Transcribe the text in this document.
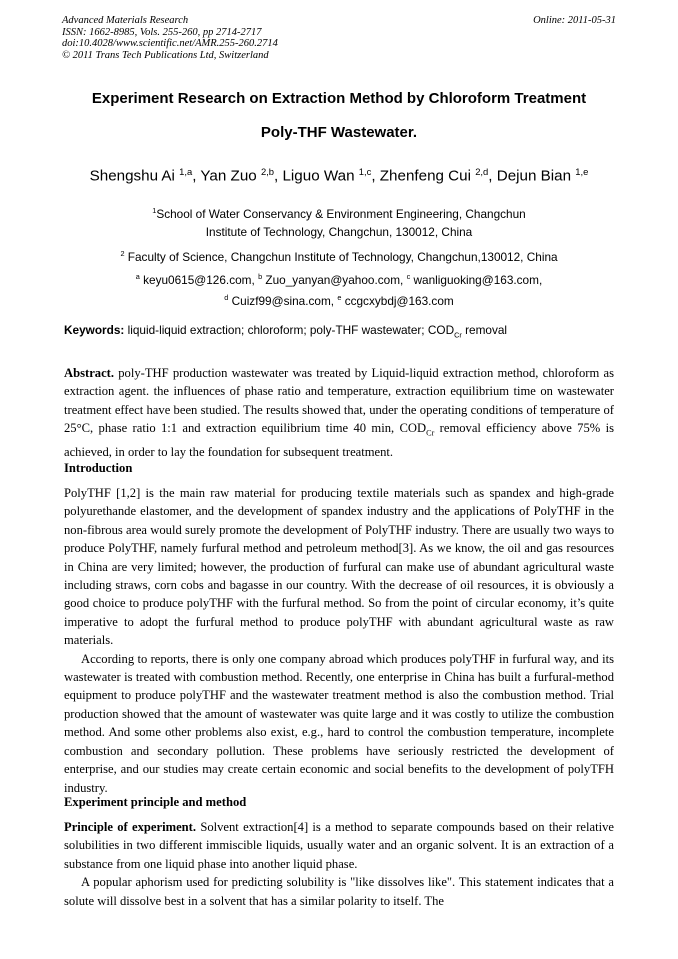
Advanced Materials Research
ISSN: 1662-8985, Vols. 255-260, pp 2714-2717
doi:10.4028/www.scientific.net/AMR.255-260.2714
© 2011 Trans Tech Publications Ltd, Switzerland
Online: 2011-05-31
Experiment Research on Extraction Method by Chloroform Treatment
Poly-THF Wastewater.
Shengshu Ai $^{1,a}$, Yan Zuo $^{2,b}$, Liguo Wan $^{1,c}$, Zhenfeng Cui $^{2,d}$, Dejun Bian $^{1,e}$
$^1$School of Water Conservancy & Environment Engineering, Changchun
Institute of Technology, Changchun, 130012, China
$^2$ Faculty of Science, Changchun Institute of Technology, Changchun,130012, China
$^a$ keyu0615@126.com, $^b$ Zuo_yanyan@yahoo.com, $^c$ wanliguoking@163.com,
$^d$ Cuizf99@sina.com, $^e$ ccgcxybdj@163.com
Keywords: liquid-liquid extraction; chloroform; poly-THF wastewater; $COD_{Cr}$ removal

Abstract. poly-THF production wastewater was treated by Liquid-liquid extraction method, chloroform as extraction agent. the influences of phase ratio and temperature, extraction equilibrium time on wastewater treatment effect have been studied. The results showed that, under the operating conditions of temperature of 25°C, phase ratio 1:1 and extraction equilibrium time 40 min, $COD_{Cr}$ removal efficiency above 75% is achieved, in order to lay the foundation for subsequent treatment.

Introduction

PolyTHF [1,2] is the main raw material for producing textile materials such as spandex and high-grade polyurethande elastomer, and the development of spandex industry and the applications of PolyTHF in the non-fibrous area would surely promote the development of PolyTHF industry. There are usually two ways to produce PolyTHF, namely furfural method and petroleum method[3]. As we know, the oil and gas resources in China are very limited; however, the production of furfural can make use of abundant agricultural waste including straws, corn cobs and bagasse in our country. With the decrease of oil resources, it is obviously a good choice to produce polyTHF with the furfural method. So from the point of circular economy, it’s quite imperative to adopt the furfural method to produce polyTHF with abundant agricultural waste as raw materials.

According to reports, there is only one company abroad which produces polyTHF in furfural way, and its wastewater is treated with combustion method. Recently, one enterprise in China has built a furfural-method equipment to produce polyTHF and the wastewater treatment method is also the combustion method. Trial production showed that the amount of wastewater was quite large and it was costly to utilize the combustion method. And some other problems also exist, e.g., hard to control the combustion temperature, incomplete combustion and secondary pollution. These problems have seriously restricted the development of enterprise, and our studies may create certain economic and social benefits to the development of polyTFH industry.

Experiment principle and method

Principle of experiment. Solvent extraction[4] is a method to separate compounds based on their relative solubilities in two different immiscible liquids, usually water and an organic solvent. It is an extraction of a substance from one liquid phase into another liquid phase.

A popular aphorism used for predicting solubility is "like dissolves like". This statement indicates that a solute will dissolve best in a solvent that has a similar polarity to itself. The
